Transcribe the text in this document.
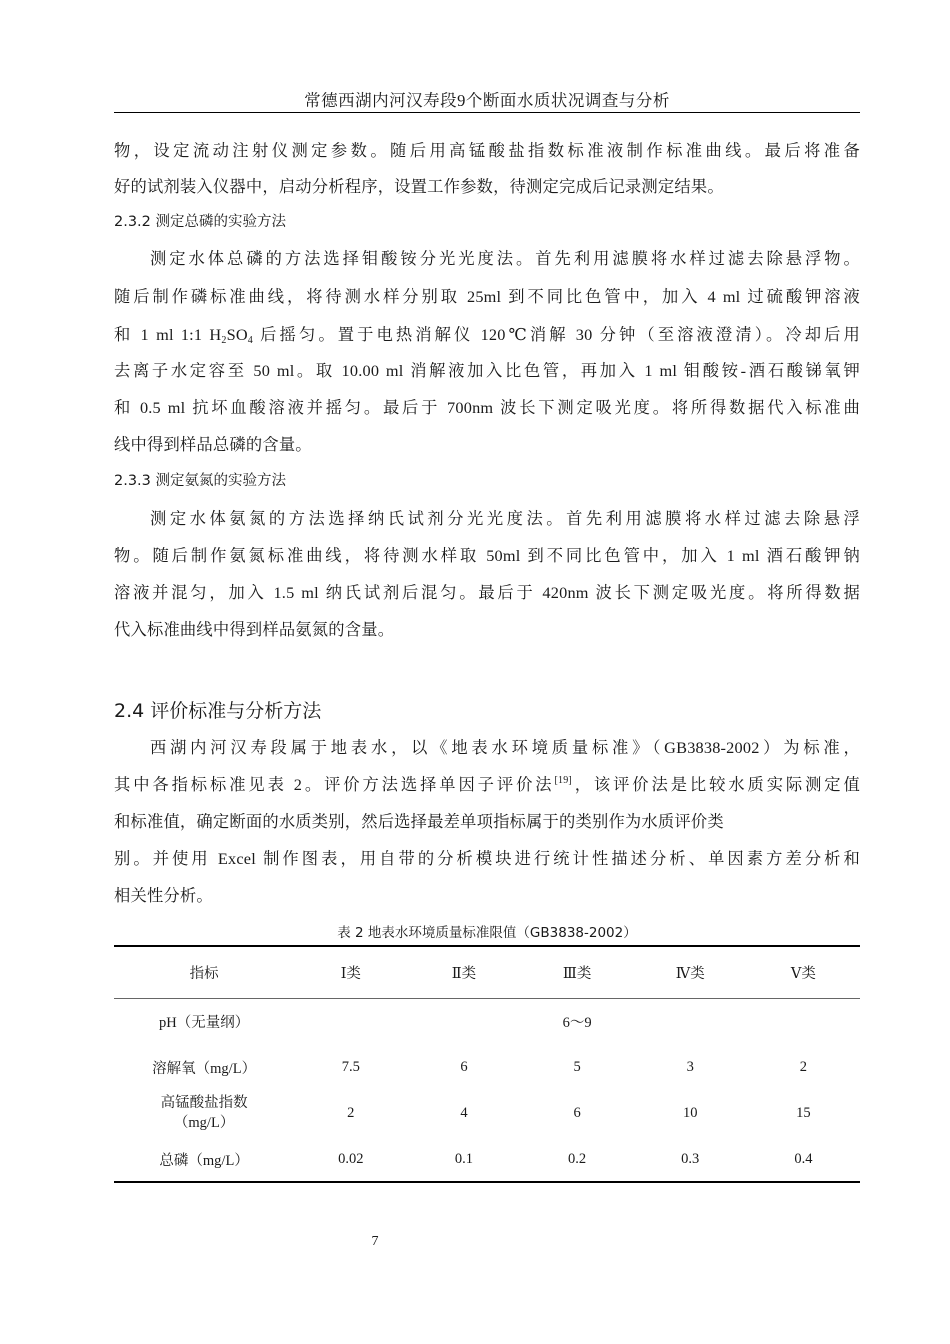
常德西湖内河汉寿段9个断面水质状况调查与分析
物，设定流动注射仪测定参数。随后用高锰酸盐指数标准液制作标准曲线。最后将准备
好的试剂装入仪器中，启动分析程序，设置工作参数，待测定完成后记录测定结果。
2.3.2 测定总磷的实验方法
测定水体总磷的方法选择钼酸铵分光光度法。首先利用滤膜将水样过滤去除悬浮物。
随后制作磷标准曲线，将待测水样分别取 25ml 到不同比色管中，加入 4 ml 过硫酸钾溶液
和 1 ml 1:1 $H_2SO_4$ 后摇匀。置于电热消解仪 120℃消解 30 分钟（至溶液澄清）。冷却后用
去离子水定容至 50 ml。取 10.00 ml 消解液加入比色管，再加入 1 ml 钼酸铵-酒石酸锑氧钾
和 0.5 ml 抗坏血酸溶液并摇匀。最后于 700nm 波长下测定吸光度。将所得数据代入标准曲
线中得到样品总磷的含量。
2.3.3 测定氨氮的实验方法
测定水体氨氮的方法选择纳氏试剂分光光度法。首先利用滤膜将水样过滤去除悬浮
物。随后制作氨氮标准曲线，将待测水样取 50ml 到不同比色管中，加入 1 ml 酒石酸钾钠
溶液并混匀，加入 1.5 ml 纳氏试剂后混匀。最后于 420nm 波长下测定吸光度。将所得数据
代入标准曲线中得到样品氨氮的含量。
2.4 评价标准与分析方法
西湖内河汉寿段属于地表水，以《地表水环境质量标准》（GB3838-2002）为标准，
其中各指标标准见表 2。评价方法选择单因子评价法[19]，该评价法是比较水质实际测定值
和标准值，确定断面的水质类别，然后选择最差单项指标属于的类别作为水质评价类
别。并使用 Excel 制作图表，用自带的分析模块进行统计性描述分析、单因素方差分析和
相关性分析。
表 2 地表水环境质量标准限值（GB3838-2002）
指标	Ⅰ类	Ⅱ类	Ⅲ类	Ⅳ类	Ⅴ类
pH（无量纲）	6～9				
溶解氧（mg/L）	7.5	6	5	3	2

高锰酸盐指数
（mg/L）	2	4	6	10	15
总磷（mg/L）	0.02	0.1	0.2	0.3	0.4
7
